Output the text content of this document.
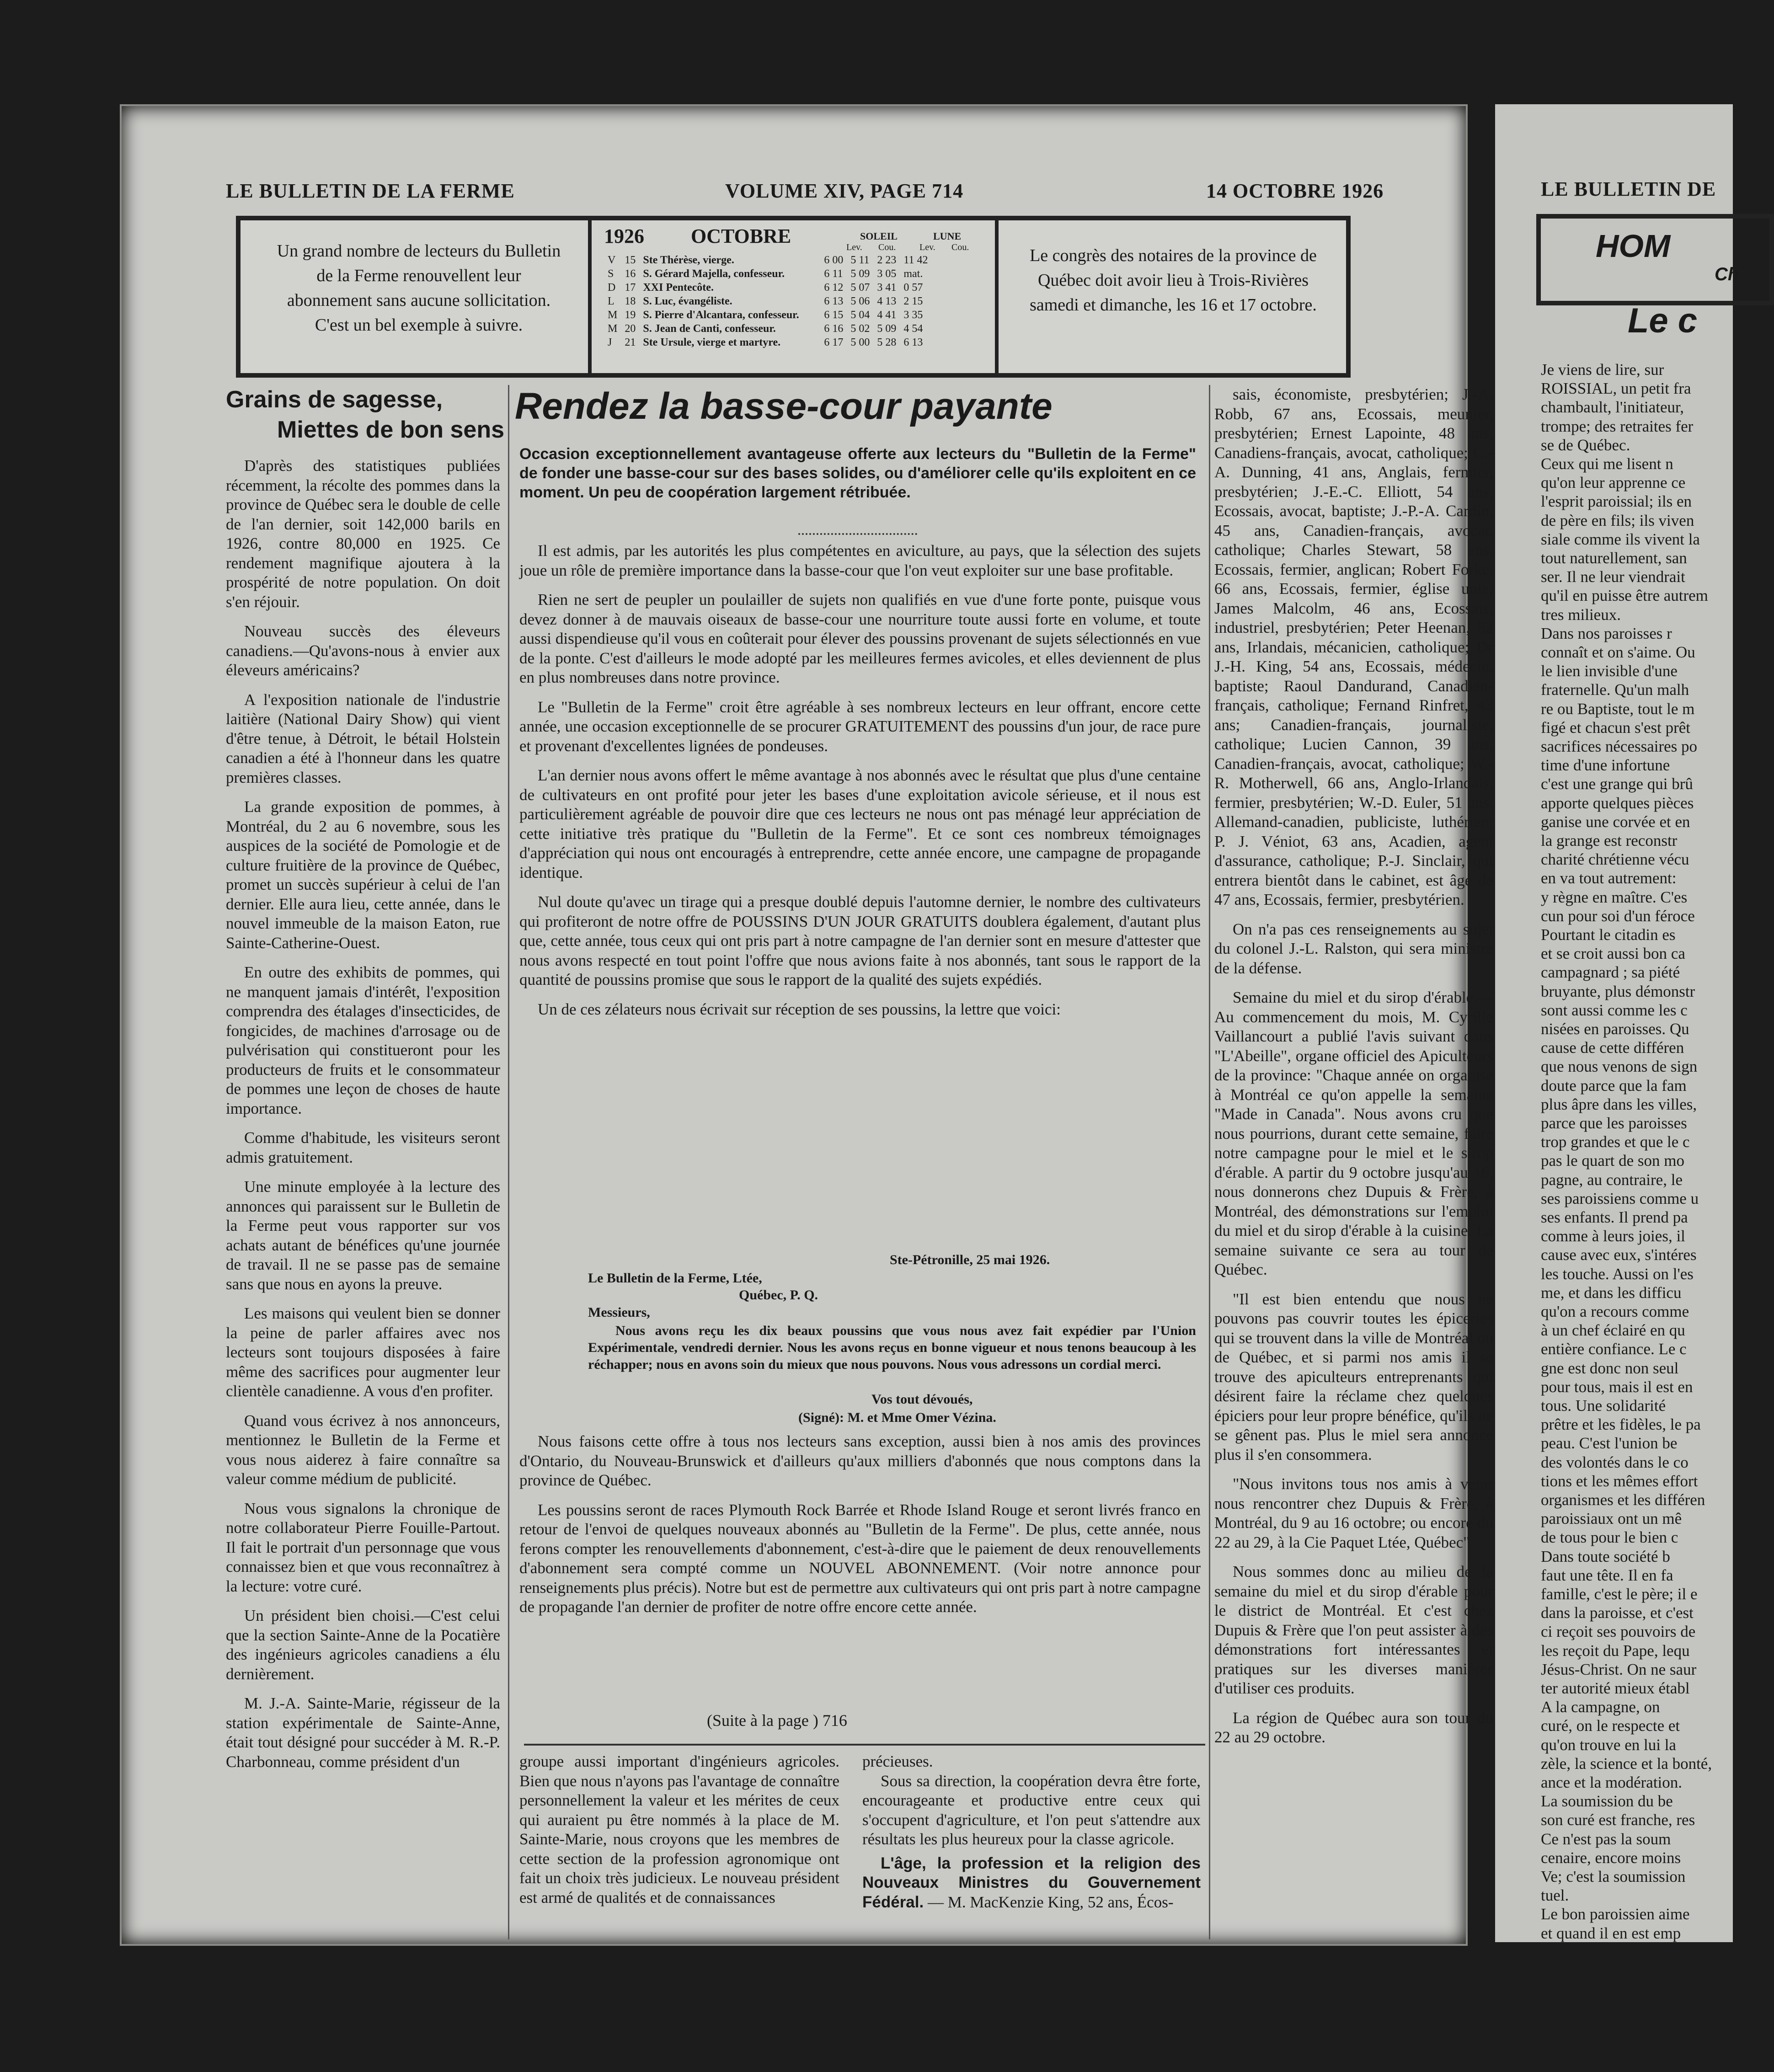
LE BULLETIN DE LA FERME	VOLUME XIV, PAGE 714	14 OCTOBRE 1926
Un grand nombre de lecteurs du Bulletin de la Ferme renouvellent leur abonnement sans aucune sollicitation. C'est un bel exemple à suivre.
Le congrès des notaires de la province de Québec doit avoir lieu à Trois-Rivières samedi et dimanche, les 16 et 17 octobre.
1926 OCTOBRE	SOLEIL	LUNE
Lev. Cou.	Lev. Cou.
V	15	Ste Thérèse, vierge.	6 00	5 11	2 23	11 42
S	16	S. Gérard Majella, confesseur.	6 11	5 09	3 05	mat.
D	17	XXI Pentecôte.	6 12	5 07	3 41	0 57
L	18	S. Luc, évangéliste.	6 13	5 06	4 13	2 15
M	19	S. Pierre d'Alcantara, confesseur.	6 15	5 04	4 41	3 35
M	20	S. Jean de Canti, confesseur.	6 16	5 02	5 09	4 54
J	21	Ste Ursule, vierge et martyre.	6 17	5 00	5 28	6 13
Grains de sagesse,
Miettes de bon sens

D'après des statistiques publiées récemment, la récolte des pommes dans la province de Québec sera le double de celle de l'an dernier, soit 142,000 barils en 1926, contre 80,000 en 1925. Ce rendement magnifique ajoutera à la prospérité de notre population. On doit s'en réjouir.

Nouveau succès des éleveurs canadiens.—Qu'avons-nous à envier aux éleveurs américains?

A l'exposition nationale de l'industrie laitière (National Dairy Show) qui vient d'être tenue, à Détroit, le bétail Holstein canadien a été à l'honneur dans les quatre premières classes.

La grande exposition de pommes, à Montréal, du 2 au 6 novembre, sous les auspices de la société de Pomologie et de culture fruitière de la province de Québec, promet un succès supérieur à celui de l'an dernier. Elle aura lieu, cette année, dans le nouvel immeuble de la maison Eaton, rue Sainte-Catherine-Ouest.

En outre des exhibits de pommes, qui ne manquent jamais d'intérêt, l'exposition comprendra des étalages d'insecticides, de fongicides, de machines d'arrosage ou de pulvérisation qui constitueront pour les producteurs de fruits et le consommateur de pommes une leçon de choses de haute importance.

Comme d'habitude, les visiteurs seront admis gratuitement.

Une minute employée à la lecture des annonces qui paraissent sur le Bulletin de la Ferme peut vous rapporter sur vos achats autant de bénéfices qu'une journée de travail. Il ne se passe pas de semaine sans que nous en ayons la preuve.

Les maisons qui veulent bien se donner la peine de parler affaires avec nos lecteurs sont toujours disposées à faire même des sacrifices pour augmenter leur clientèle canadienne. A vous d'en profiter.

Quand vous écrivez à nos annonceurs, mentionnez le Bulletin de la Ferme et vous nous aiderez à faire connaître sa valeur comme médium de publicité.

Nous vous signalons la chronique de notre collaborateur Pierre Fouille-Partout. Il fait le portrait d'un personnage que vous connaissez bien et que vous reconnaîtrez à la lecture: votre curé.

Un président bien choisi.—C'est celui que la section Sainte-Anne de la Pocatière des ingénieurs agricoles canadiens a élu dernièrement.

M. J.-A. Sainte-Marie, régisseur de la station expérimentale de Sainte-Anne, était tout désigné pour succéder à M. R.-P. Charbonneau, comme président d'un

Rendez la basse-cour payante
Occasion exceptionnellement avantageuse offerte aux lecteurs du "Bulletin de la Ferme" de fonder une basse-cour sur des bases solides, ou d'améliorer celle qu'ils exploitent en ce moment. Un peu de coopération largement rétribuée.

Il est admis, par les autorités les plus compétentes en aviculture, au pays, que la sélection des sujets joue un rôle de première importance dans la basse-cour que l'on veut exploiter sur une base profitable.

Rien ne sert de peupler un poulailler de sujets non qualifiés en vue d'une forte ponte, puisque vous devez donner à de mauvais oiseaux de basse-cour une nourriture toute aussi forte en volume, et toute aussi dispendieuse qu'il vous en coûterait pour élever des poussins provenant de sujets sélectionnés en vue de la ponte. C'est d'ailleurs le mode adopté par les meilleures fermes avicoles, et elles deviennent de plus en plus nombreuses dans notre province.

Le "Bulletin de la Ferme" croit être agréable à ses nombreux lecteurs en leur offrant, encore cette année, une occasion exceptionnelle de se procurer GRATUITEMENT des poussins d'un jour, de race pure et provenant d'excellentes lignées de pondeuses.

L'an dernier nous avons offert le même avantage à nos abonnés avec le résultat que plus d'une centaine de cultivateurs en ont profité pour jeter les bases d'une exploitation avicole sérieuse, et il nous est particulièrement agréable de pouvoir dire que ces lecteurs ne nous ont pas ménagé leur appréciation de cette initiative très pratique du "Bulletin de la Ferme". Et ce sont ces nombreux témoignages d'appréciation qui nous ont encouragés à entreprendre, cette année encore, une campagne de propagande identique.

Nul doute qu'avec un tirage qui a presque doublé depuis l'automne dernier, le nombre des cultivateurs qui profiteront de notre offre de POUSSINS D'UN JOUR GRATUITS doublera également, d'autant plus que, cette année, tous ceux qui ont pris part à notre campagne de l'an dernier sont en mesure d'attester que nous avons respecté en tout point l'offre que nous avions faite à nos abonnés, tant sous le rapport de la quantité de poussins promise que sous le rapport de la qualité des sujets expédiés.

Un de ces zélateurs nous écrivait sur réception de ses poussins, la lettre que voici:

Ste-Pétronille, 25 mai 1926.
Le Bulletin de la Ferme, Ltée,
Québec, P. Q.
Messieurs,
Nous avons reçu les dix beaux poussins que vous nous avez fait expédier par l'Union Expérimentale, vendredi dernier. Nous les avons reçus en bonne vigueur et nous tenons beaucoup à les réchapper; nous en avons soin du mieux que nous pouvons. Nous vous adressons un cordial merci.
Vos tout dévoués,
(Signé): M. et Mme Omer Vézina.

Nous faisons cette offre à tous nos lecteurs sans exception, aussi bien à nos amis des provinces d'Ontario, du Nouveau-Brunswick et d'ailleurs qu'aux milliers d'abonnés que nous comptons dans la province de Québec.

Les poussins seront de races Plymouth Rock Barrée et Rhode Island Rouge et seront livrés franco en retour de l'envoi de quelques nouveaux abonnés au "Bulletin de la Ferme". De plus, cette année, nous ferons compter les renouvellements d'abonnement, c'est-à-dire que le paiement de deux renouvellements d'abonnement sera compté comme un NOUVEL ABONNEMENT. (Voir notre annonce pour renseignements plus précis). Notre but est de permettre aux cultivateurs qui ont pris part à notre campagne de propagande l'an dernier de profiter de notre offre encore cette année.

(Suite à la page ) 716

groupe aussi important d'ingénieurs agricoles. Bien que nous n'ayons pas l'avantage de connaître personnellement la valeur et les mérites de ceux qui auraient pu être nommés à la place de M. Sainte-Marie, nous croyons que les membres de cette section de la profession agronomique ont fait un choix très judicieux. Le nouveau président est armé de qualités et de connaissances

précieuses.

Sous sa direction, la coopération devra être forte, encourageante et productive entre ceux qui s'occupent d'agriculture, et l'on peut s'attendre aux résultats les plus heureux pour la classe agricole.

L'âge, la profession et la religion des Nouveaux Ministres du Gouvernement Fédéral. — M. MacKenzie King, 52 ans, Écos-

sais, économiste, presbytérien; J.-A. Robb, 67 ans, Ecossais, meunier, presbytérien; Ernest Lapointe, 48 ans, Canadiens-français, avocat, catholique; C.-A. Dunning, 41 ans, Anglais, fermier, presbytérien; J.-E.-C. Elliott, 54 ans, Ecossais, avocat, baptiste; J.-P.-A. Cardin, 45 ans, Canadien-français, avocat, catholique; Charles Stewart, 58 ans, Ecossais, fermier, anglican; Robert Forke, 66 ans, Ecossais, fermier, église unie; James Malcolm, 46 ans, Ecossais, industriel, presbytérien; Peter Heenan, 52 ans, Irlandais, mécanicien, catholique; Dr J.-H. King, 54 ans, Ecossais, médecin, baptiste; Raoul Dandurand, Canadien-français, catholique; Fernand Rinfret, 43 ans; Canadien-français, journaliste, catholique; Lucien Cannon, 39 ans, Canadien-français, avocat, catholique; W.-R. Motherwell, 66 ans, Anglo-Irlandais, fermier, presbytérien; W.-D. Euler, 51 ans, Allemand-canadien, publiciste, luthérien; P. J. Véniot, 63 ans, Acadien, agent d'assurance, catholique; P.-J. Sinclair, qui entrera bientôt dans le cabinet, est âgé de 47 ans, Ecossais, fermier, presbytérien.

On n'a pas ces renseignements au sujet du colonel J.-L. Ralston, qui sera ministre de la défense.

Semaine du miel et du sirop d'érable.—Au commencement du mois, M. Cyrille Vaillancourt a publié l'avis suivant dans "L'Abeille", organe officiel des Apiculteurs de la province: "Chaque année on organise à Montréal ce qu'on appelle la semaine "Made in Canada". Nous avons cru que nous pourrions, durant cette semaine, faire notre campagne pour le miel et le sirop d'érable. A partir du 9 octobre jusqu'au 16, nous donnerons chez Dupuis & Frère, à Montréal, des démonstrations sur l'emploi du miel et du sirop d'érable à la cuisine. La semaine suivante ce sera au tour de Québec.

"Il est bien entendu que nous ne pouvons pas couvrir toutes les épiceries qui se trouvent dans la ville de Montréal ou de Québec, et si parmi nos amis il se trouve des apiculteurs entreprenants qui désirent faire la réclame chez quelques épiciers pour leur propre bénéfice, qu'ils ne se gênent pas. Plus le miel sera annoncé plus il s'en consommera.

"Nous invitons tous nos amis à venir nous rencontrer chez Dupuis & Frère, à Montréal, du 9 au 16 octobre; ou encore du 22 au 29, à la Cie Paquet Ltée, Québec".

Nous sommes donc au milieu de la semaine du miel et du sirop d'érable pour le district de Montréal. Et c'est chez Dupuis & Frère que l'on peut assister à des démonstrations fort intéressantes et pratiques sur les diverses manières d'utiliser ces produits.

La région de Québec aura son tour du 22 au 29 octobre.

LE BULLETIN DE
HOM
Ch
Le c
Je viens de lire, sur
ROISSIAL, un petit fra
chambault, l'initiateur,
trompe; des retraites fer
se de Québec.
Ceux qui me lisent n
qu'on leur apprenne ce
l'esprit paroissial; ils en
de père en fils; ils viven
siale comme ils vivent la
tout naturellement, san
ser. Il ne leur viendrait
qu'il en puisse être autrem
tres milieux.
Dans nos paroisses r
connaît et on s'aime. Ou
le lien invisible d'une
fraternelle. Qu'un malh
re ou Baptiste, tout le m
figé et chacun s'est prêt
sacrifices nécessaires po
time d'une infortune
c'est une grange qui brû
apporte quelques pièces
ganise une corvée et en
la grange est reconstr
charité chrétienne vécu
en va tout autrement:
y règne en maître. C'es
cun pour soi d'un féroce
Pourtant le citadin es
et se croit aussi bon ca
campagnard ; sa piété
bruyante, plus démonstr
sont aussi comme les c
nisées en paroisses. Qu
cause de cette différen
que nous venons de sign
doute parce que la fam
plus âpre dans les villes,
parce que les paroisses
trop grandes et que le c
pas le quart de son mo
pagne, au contraire, le
ses paroissiens comme u
ses enfants. Il prend pa
comme à leurs joies, il
cause avec eux, s'intéres
les touche. Aussi on l'es
me, et dans les difficu
qu'on a recours comme
à un chef éclairé en qu
entière confiance. Le c
gne est donc non seul
pour tous, mais il est en
tous. Une solidarité
prêtre et les fidèles, le pa
peau. C'est l'union be
des volontés dans le co
tions et les mêmes effort
organismes et les différen
paroissiaux ont un mê
de tous pour le bien c
Dans toute société b
faut une tête. Il en fa
famille, c'est le père; il e
dans la paroisse, et c'est
ci reçoit ses pouvoirs de
les reçoit du Pape, lequ
Jésus-Christ. On ne saur
ter autorité mieux établ
A la campagne, on
curé, on le respecte et
qu'on trouve en lui la
zèle, la science et la bonté,
ance et la modération.
La soumission du be
son curé est franche, res
Ce n'est pas la soum
cenaire, encore moins
Ve; c'est la soumission
tuel.
Le bon paroissien aime
et quand il en est emp
